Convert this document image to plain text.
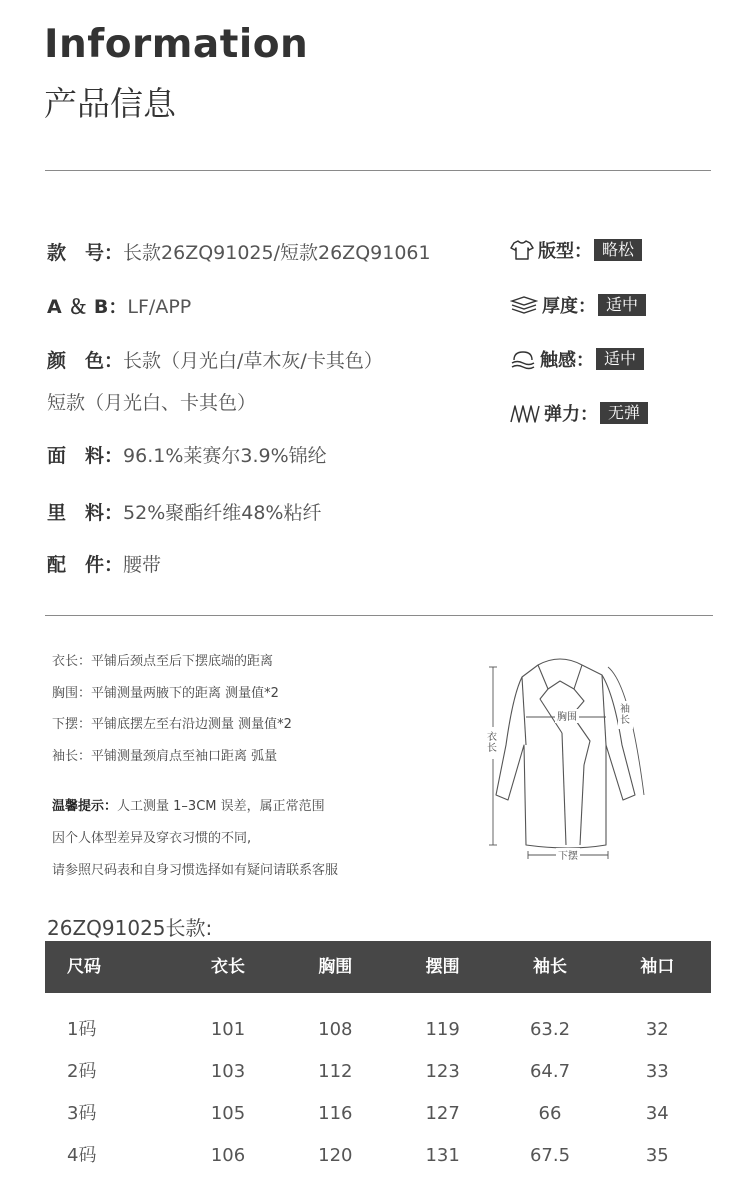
Information
产品信息
款　号：长款26ZQ91025/短款26ZQ91061
A ＆ B：LF/APP
颜　色：长款（月光白/草木灰/卡其色）
短款（月光白、卡其色）
面　料：96.1%莱赛尔3.9%锦纶
里　料：52%聚酯纤维48%粘纤
配　件：腰带
版型： 略松
厚度： 适中
触感： 适中
弹力： 无弹
衣长：平铺后颈点至后下摆底端的距离
胸围：平铺测量两腋下的距离 测量值*2
下摆：平铺底摆左至右沿边测量 测量值*2
袖长：平铺测量颈肩点至袖口距离 弧量
温馨提示：人工测量 1–3CM 误差，属正常范围
因个人体型差异及穿衣习惯的不同,
请参照尺码表和自身习惯选择如有疑问请联系客服
衣长
胸围
袖长
下摆
26ZQ91025长款:
尺码	衣长	胸围	摆围	袖长	袖口
1码	101	108	119	63.2	32
2码	103	112	123	64.7	33
3码	105	116	127	66	34
4码	106	120	131	67.5	35
